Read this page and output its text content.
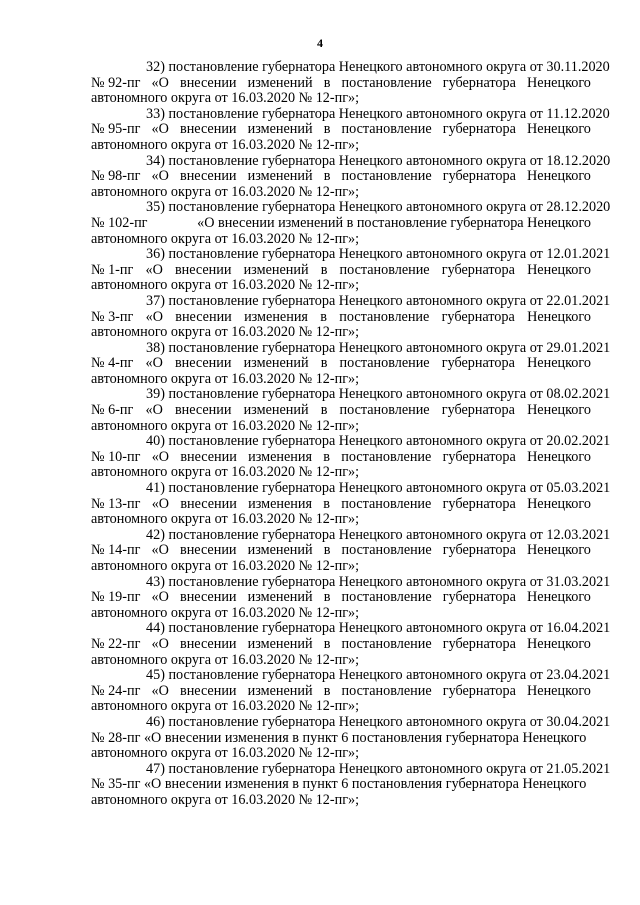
4
32) постановление губернатора Ненецкого автономного округа от 30.11.2020
№ 92-пг «О внесении изменений в постановление губернатора Ненецкого
автономного округа от 16.03.2020 № 12-пг»;
33) постановление губернатора Ненецкого автономного округа от 11.12.2020
№ 95-пг «О внесении изменений в постановление губернатора Ненецкого
автономного округа от 16.03.2020 № 12-пг»;
34) постановление губернатора Ненецкого автономного округа от 18.12.2020
№ 98-пг «О внесении изменений в постановление губернатора Ненецкого
автономного округа от 16.03.2020 № 12-пг»;
35) постановление губернатора Ненецкого автономного округа от 28.12.2020
№ 102-пг	«О внесении изменений в постановление губернатора Ненецкого
автономного округа от 16.03.2020 № 12-пг»;
36) постановление губернатора Ненецкого автономного округа от 12.01.2021
№ 1-пг «О внесении изменений в постановление губернатора Ненецкого
автономного округа от 16.03.2020 № 12-пг»;
37) постановление губернатора Ненецкого автономного округа от 22.01.2021
№ 3-пг «О внесении изменения в постановление губернатора Ненецкого
автономного округа от 16.03.2020 № 12-пг»;
38) постановление губернатора Ненецкого автономного округа от 29.01.2021
№ 4-пг «О внесении изменений в постановление губернатора Ненецкого
автономного округа от 16.03.2020 № 12-пг»;
39) постановление губернатора Ненецкого автономного округа от 08.02.2021
№ 6-пг «О внесении изменений в постановление губернатора Ненецкого
автономного округа от 16.03.2020 № 12-пг»;
40) постановление губернатора Ненецкого автономного округа от 20.02.2021
№ 10-пг «О внесении изменения в постановление губернатора Ненецкого
автономного округа от 16.03.2020 № 12-пг»;
41) постановление губернатора Ненецкого автономного округа от 05.03.2021
№ 13-пг «О внесении изменения в постановление губернатора Ненецкого
автономного округа от 16.03.2020 № 12-пг»;
42) постановление губернатора Ненецкого автономного округа от 12.03.2021
№ 14-пг «О внесении изменений в постановление губернатора Ненецкого
автономного округа от 16.03.2020 № 12-пг»;
43) постановление губернатора Ненецкого автономного округа от 31.03.2021
№ 19-пг «О внесении изменений в постановление губернатора Ненецкого
автономного округа от 16.03.2020 № 12-пг»;
44) постановление губернатора Ненецкого автономного округа от 16.04.2021
№ 22-пг «О внесении изменений в постановление губернатора Ненецкого
автономного округа от 16.03.2020 № 12-пг»;
45) постановление губернатора Ненецкого автономного округа от 23.04.2021
№ 24-пг «О внесении изменений в постановление губернатора Ненецкого
автономного округа от 16.03.2020 № 12-пг»;
46) постановление губернатора Ненецкого автономного округа от 30.04.2021
№ 28-пг «О внесении изменения в пункт 6 постановления губернатора Ненецкого
автономного округа от 16.03.2020 № 12-пг»;
47) постановление губернатора Ненецкого автономного округа от 21.05.2021
№ 35-пг «О внесении изменения в пункт 6 постановления губернатора Ненецкого
автономного округа от 16.03.2020 № 12-пг»;
